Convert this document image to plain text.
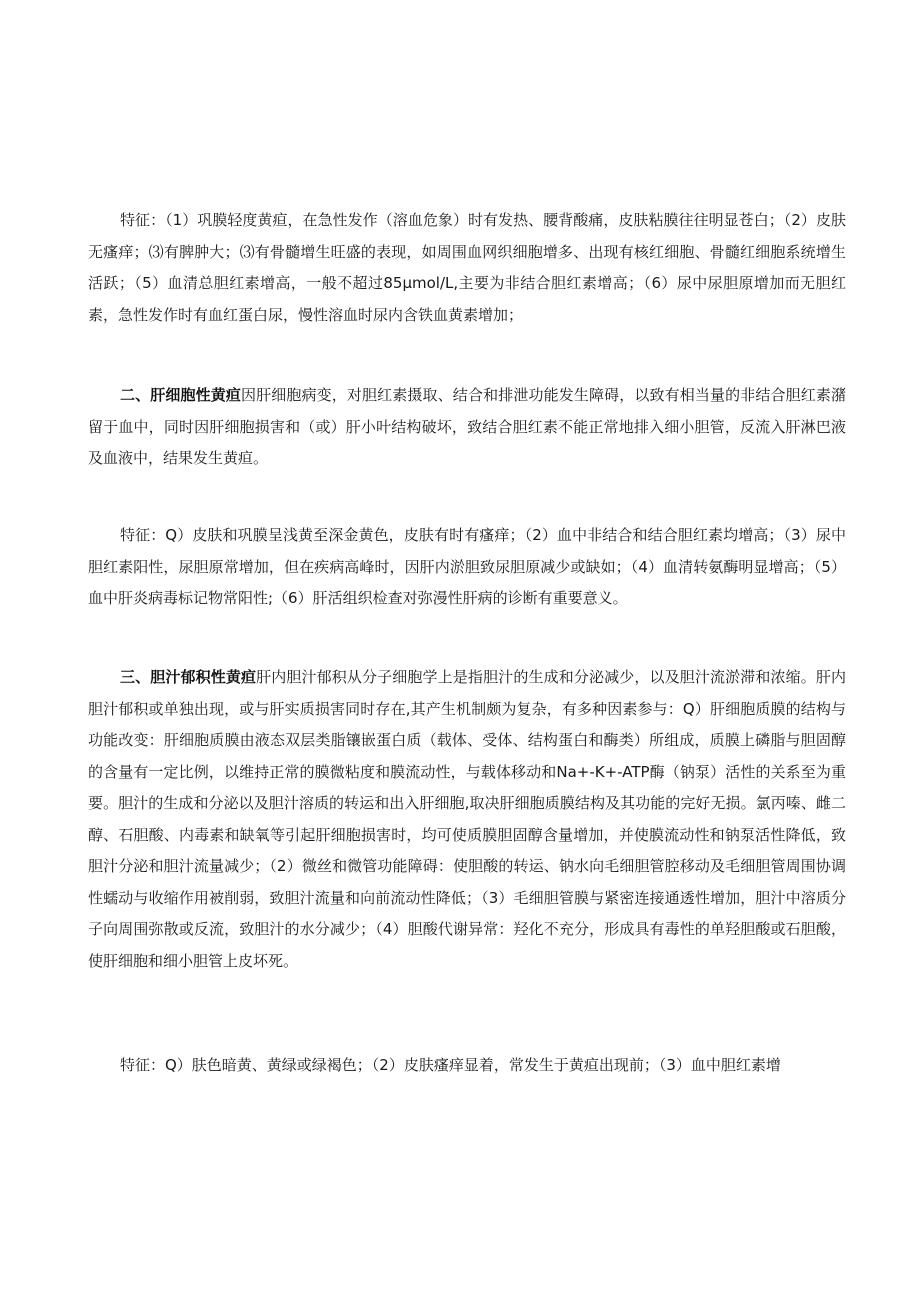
特征：（1）巩膜轻度黄疸，在急性发作（溶血危象）时有发热、腰背酸痛，皮肤粘膜往往明显苍白；（2）皮肤无瘙痒；⑶有脾肿大；⑶有骨髓增生旺盛的表现，如周围血网织细胞增多、出现有核红细胞、骨髓红细胞系统增生活跃；（5）血清总胆红素增高，一般不超过85μmol/L,主要为非结合胆红素增高；（6）尿中尿胆原增加而无胆红素，急性发作时有血红蛋白尿，慢性溶血时尿内含铁血黄素增加；

二、肝细胞性黄疸因肝细胞病变，对胆红素摄取、结合和排泄功能发生障碍，以致有相当量的非结合胆红素潴留于血中，同时因肝细胞损害和（或）肝小叶结构破坏，致结合胆红素不能正常地排入细小胆管，反流入肝淋巴液及血液中，结果发生黄疸。

特征：Q）皮肤和巩膜呈浅黄至深金黄色，皮肤有时有瘙痒；（2）血中非结合和结合胆红素均增高；（3）尿中胆红素阳性，尿胆原常增加，但在疾病高峰时，因肝内淤胆致尿胆原减少或缺如；（4）血清转氨酶明显增高；（5）血中肝炎病毒标记物常阳性;（6）肝活组织检查对弥漫性肝病的诊断有重要意义。

三、胆汁郁积性黄疸肝内胆汁郁积从分子细胞学上是指胆汁的生成和分泌减少，以及胆汁流淤滞和浓缩。肝内胆汁郁积或单独出现，或与肝实质损害同时存在,其产生机制颇为复杂，有多种因素参与：Q）肝细胞质膜的结构与功能改变：肝细胞质膜由液态双层类脂镶嵌蛋白质（载体、受体、结构蛋白和酶类）所组成，质膜上磷脂与胆固醇的含量有一定比例，以维持正常的膜微粘度和膜流动性，与载体移动和Na+-K+-ATP酶（钠泵）活性的关系至为重要。胆汁的生成和分泌以及胆汁溶质的转运和出入肝细胞,取决肝细胞质膜结构及其功能的完好无损。氯丙嗪、雌二醇、石胆酸、内毒素和缺氧等引起肝细胞损害时，均可使质膜胆固醇含量增加，并使膜流动性和钠泵活性降低，致胆汁分泌和胆汁流量减少；（2）微丝和微管功能障碍：使胆酸的转运、钠水向毛细胆管腔移动及毛细胆管周围协调性蠕动与收缩作用被削弱，致胆汁流量和向前流动性降低；（3）毛细胆管膜与紧密连接通透性增加，胆汁中溶质分子向周围弥散或反流，致胆汁的水分减少；（4）胆酸代谢异常：羟化不充分，形成具有毒性的单羟胆酸或石胆酸，使肝细胞和细小胆管上皮坏死。

特征：Q）肤色暗黄、黄绿或绿褐色；（2）皮肤瘙痒显着，常发生于黄疸出现前；（3）血中胆红素增
